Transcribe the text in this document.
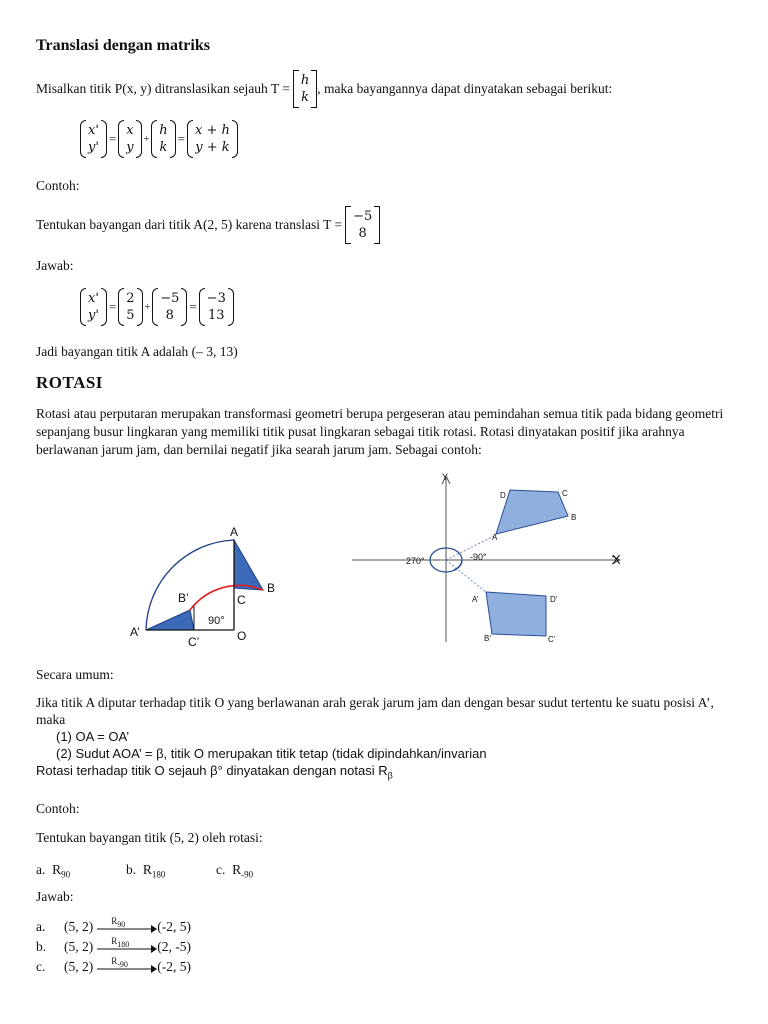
Translasi dengan matriks
Misalkan titik P(x, y) ditranslasikan sejauh T =
h
k
, maka bayangannya dapat dinyatakan sebagai berikut:
x'
y'
=
x
y
+
h
k
=
x + h
y + k
Contoh:
Tentukan bayangan dari titik A(2, 5) karena translasi T =
−5
8
Jawab:
x'
y'
=
2
5
+
−5
8
=
−3
13
Jadi bayangan titik A adalah (– 3, 13)
ROTASI
Rotasi atau perputaran merupakan transformasi geometri berupa pergeseran atau pemindahan semua titik pada bidang geometri sepanjang busur lingkaran yang memiliki titik pusat lingkaran sebagai titik rotasi. Rotasi dinyatakan positif jika arahnya berlawanan jarum jam, dan bernilai negatif jika searah jarum jam. Sebagai contoh:
A
B
C
O
A’
B’
C’
90°
Y
X
C
D
B
A
A’	D’
C’
B’
270°	-90°
Secara umum:
Jika titik A diputar terhadap titik O yang berlawanan arah gerak jarum jam dan dengan besar sudut tertentu ke suatu posisi A’, maka
(1) OA = OA’
(2) Sudut AOA’ = β, titik O merupakan titik tetap (tidak dipindahkan/invarian
Rotasi terhadap titik O sejauh β° dinyatakan dengan notasi $R_\beta$
Contoh:
Tentukan bayangan titik (5, 2) oleh rotasi:
a. $R_{90}$	b. $R_{180}$	c. $R_{-90}$
Jawab:
a.	(5, 2) $R_{90}$ (-2, 5)
b.	(5, 2) $R_{180}$ (2, -5)
c.	(5, 2) $R_{-90}$ (-2, 5)
